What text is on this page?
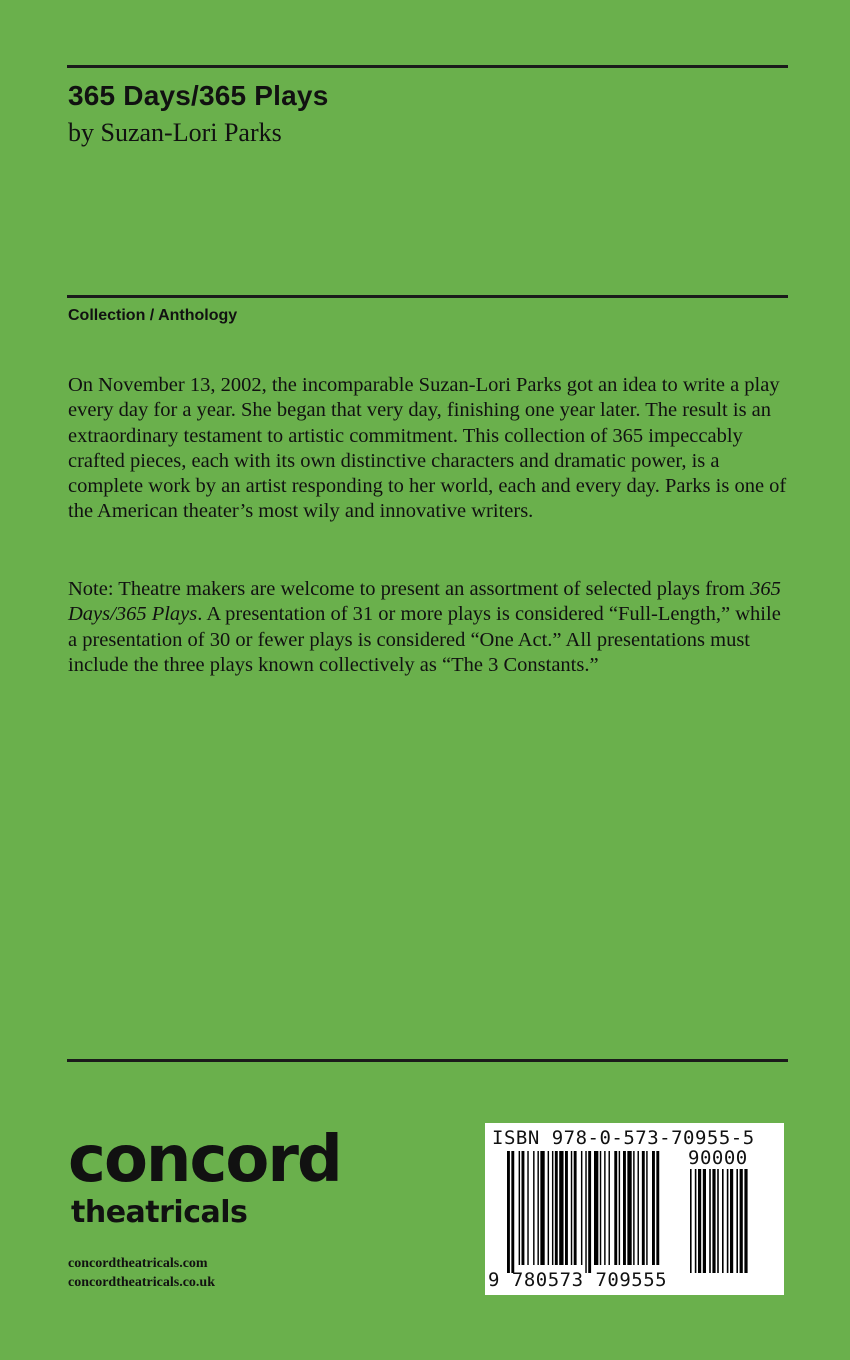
365 Days/365 Plays
by Suzan-Lori Parks
Collection / Anthology

On November 13, 2002, the incomparable Suzan-Lori Parks got an idea to write a play every day for a year. She began that very day, finishing one year later. The result is an extraordinary testament to artistic commitment. This collection of 365 impeccably crafted pieces, each with its own distinctive characters and dramatic power, is a complete work by an artist responding to her world, each and every day. Parks is one of the American theater’s most wily and innovative writers.

Note: Theatre makers are welcome to present an assortment of selected plays from 365 Days/365 Plays. A presentation of 31 or more plays is considered “Full-Length,” while a presentation of 30 or fewer plays is considered “One Act.” All presentations must include the three plays known collectively as “The 3 Constants.”

concord
theatricals
concordtheatricals.com
concordtheatricals.co.uk
ISBN 978-0-573-70955-5
90000
9 780573 709555
